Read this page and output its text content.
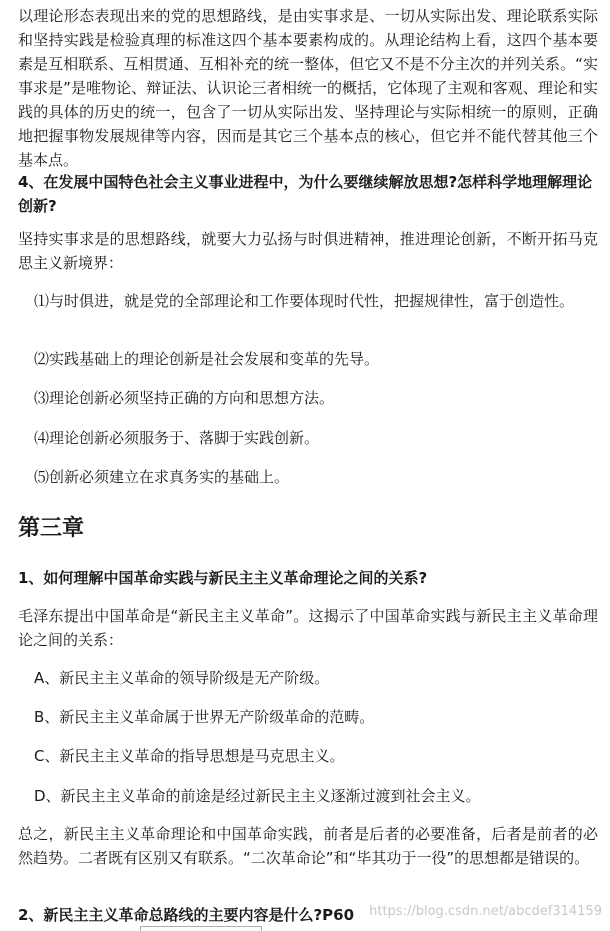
以理论形态表现出来的党的思想路线，是由实事求是、一切从实际出发、理论联系实际和坚持实践是检验真理的标准这四个基本要素构成的。从理论结构上看，这四个基本要素是互相联系、互相贯通、互相补充的统一整体，但它又不是不分主次的并列关系。“实事求是”是唯物论、辩证法、认识论三者相统一的概括，它体现了主观和客观、理论和实践的具体的历史的统一，包含了一切从实际出发、坚持理论与实际相统一的原则，正确地把握事物发展规律等内容，因而是其它三个基本点的核心，但它并不能代替其他三个基本点。

4、在发展中国特色社会主义事业进程中，为什么要继续解放思想?怎样科学地理解理论创新?

坚持实事求是的思想路线，就要大力弘扬与时俱进精神，推进理论创新，不断开拓马克思主义新境界：

⑴与时俱进，就是党的全部理论和工作要体现时代性，把握规律性，富于创造性。

⑵实践基础上的理论创新是社会发展和变革的先导。

⑶理论创新必须坚持正确的方向和思想方法。

⑷理论创新必须服务于、落脚于实践创新。

⑸创新必须建立在求真务实的基础上。

第三章

1、如何理解中国革命实践与新民主主义革命理论之间的关系?

毛泽东提出中国革命是“新民主主义革命”。这揭示了中国革命实践与新民主主义革命理论之间的关系：

A、新民主主义革命的领导阶级是无产阶级。

B、新民主主义革命属于世界无产阶级革命的范畴。

C、新民主主义革命的指导思想是马克思主义。

D、新民主主义革命的前途是经过新民主主义逐渐过渡到社会主义。

总之，新民主主义革命理论和中国革命实践，前者是后者的必要准备，后者是前者的必然趋势。二者既有区别又有联系。“二次革命论”和“毕其功于一役”的思想都是错误的。

2、新民主主义革命总路线的主要内容是什么?P60	https://blog.csdn.net/abcdef314159
